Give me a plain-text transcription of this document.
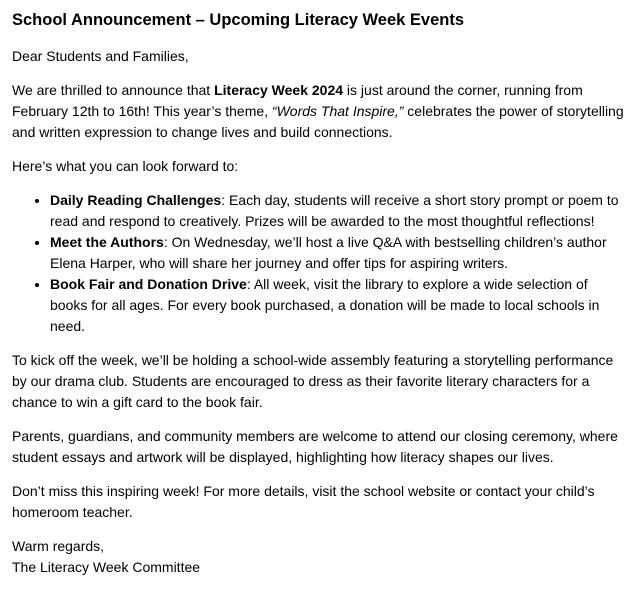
School Announcement – Upcoming Literacy Week Events

Dear Students and Families,

We are thrilled to announce that Literacy Week 2024 is just around the corner, running from February 12th to 16th! This year’s theme, “Words That Inspire,” celebrates the power of storytelling and written expression to change lives and build connections.

Here’s what you can look forward to:

• Daily Reading Challenges: Each day, students will receive a short story prompt or poem to read and respond to creatively. Prizes will be awarded to the most thoughtful reflections!
• Meet the Authors: On Wednesday, we’ll host a live Q&A with bestselling children’s author Elena Harper, who will share her journey and offer tips for aspiring writers.
• Book Fair and Donation Drive: All week, visit the library to explore a wide selection of books for all ages. For every book purchased, a donation will be made to local schools in need.

To kick off the week, we’ll be holding a school-wide assembly featuring a storytelling performance by our drama club. Students are encouraged to dress as their favorite literary characters for a chance to win a gift card to the book fair.

Parents, guardians, and community members are welcome to attend our closing ceremony, where student essays and artwork will be displayed, highlighting how literacy shapes our lives.

Don’t miss this inspiring week! For more details, visit the school website or contact your child’s homeroom teacher.

Warm regards,
The Literacy Week Committee
